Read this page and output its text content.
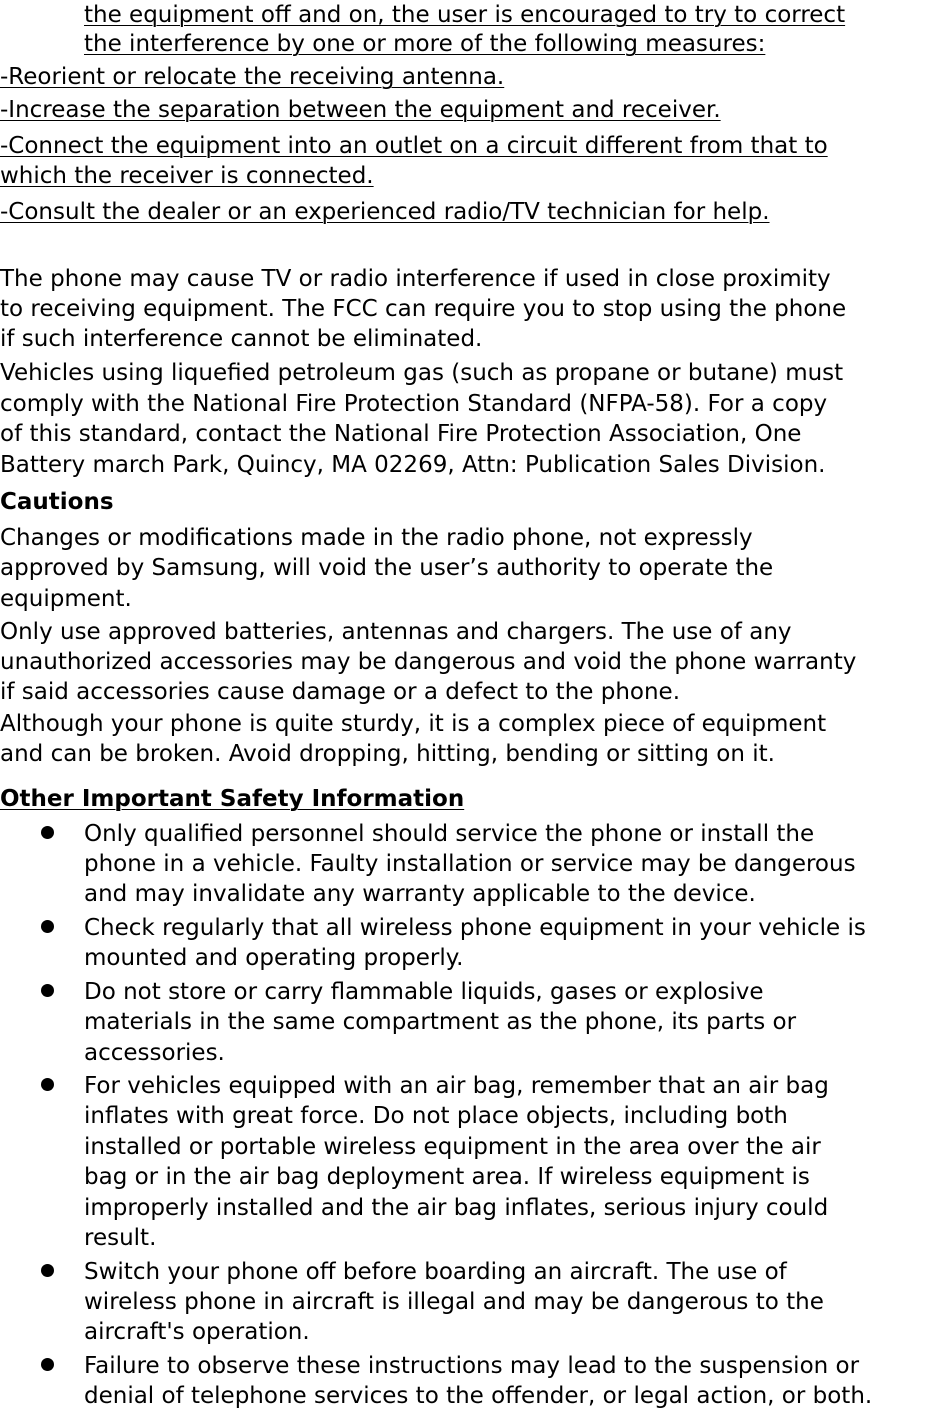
the equipment off and on, the user is encouraged to try to correct
the interference by one or more of the following measures:
-Reorient or relocate the receiving antenna.
-Increase the separation between the equipment and receiver.
-Connect the equipment into an outlet on a circuit different from that to
which the receiver is connected.
-Consult the dealer or an experienced radio/TV technician for help.
The phone may cause TV or radio interference if used in close proximity
to receiving equipment. The FCC can require you to stop using the phone
if such interference cannot be eliminated.
Vehicles using liquefied petroleum gas (such as propane or butane) must
comply with the National Fire Protection Standard (NFPA-58). For a copy
of this standard, contact the National Fire Protection Association, One
Battery march Park, Quincy, MA 02269, Attn: Publication Sales Division.
Cautions
Changes or modifications made in the radio phone, not expressly
approved by Samsung, will void the user’s authority to operate the
equipment.
Only use approved batteries, antennas and chargers. The use of any
unauthorized accessories may be dangerous and void the phone warranty
if said accessories cause damage or a defect to the phone.
Although your phone is quite sturdy, it is a complex piece of equipment
and can be broken. Avoid dropping, hitting, bending or sitting on it.
Other Important Safety Information
Only qualified personnel should service the phone or install the
phone in a vehicle. Faulty installation or service may be dangerous
and may invalidate any warranty applicable to the device.
Check regularly that all wireless phone equipment in your vehicle is
mounted and operating properly.
Do not store or carry flammable liquids, gases or explosive
materials in the same compartment as the phone, its parts or
accessories.
For vehicles equipped with an air bag, remember that an air bag
inflates with great force. Do not place objects, including both
installed or portable wireless equipment in the area over the air
bag or in the air bag deployment area. If wireless equipment is
improperly installed and the air bag inflates, serious injury could
result.
Switch your phone off before boarding an aircraft. The use of
wireless phone in aircraft is illegal and may be dangerous to the
aircraft's operation.
Failure to observe these instructions may lead to the suspension or
denial of telephone services to the offender, or legal action, or both.
